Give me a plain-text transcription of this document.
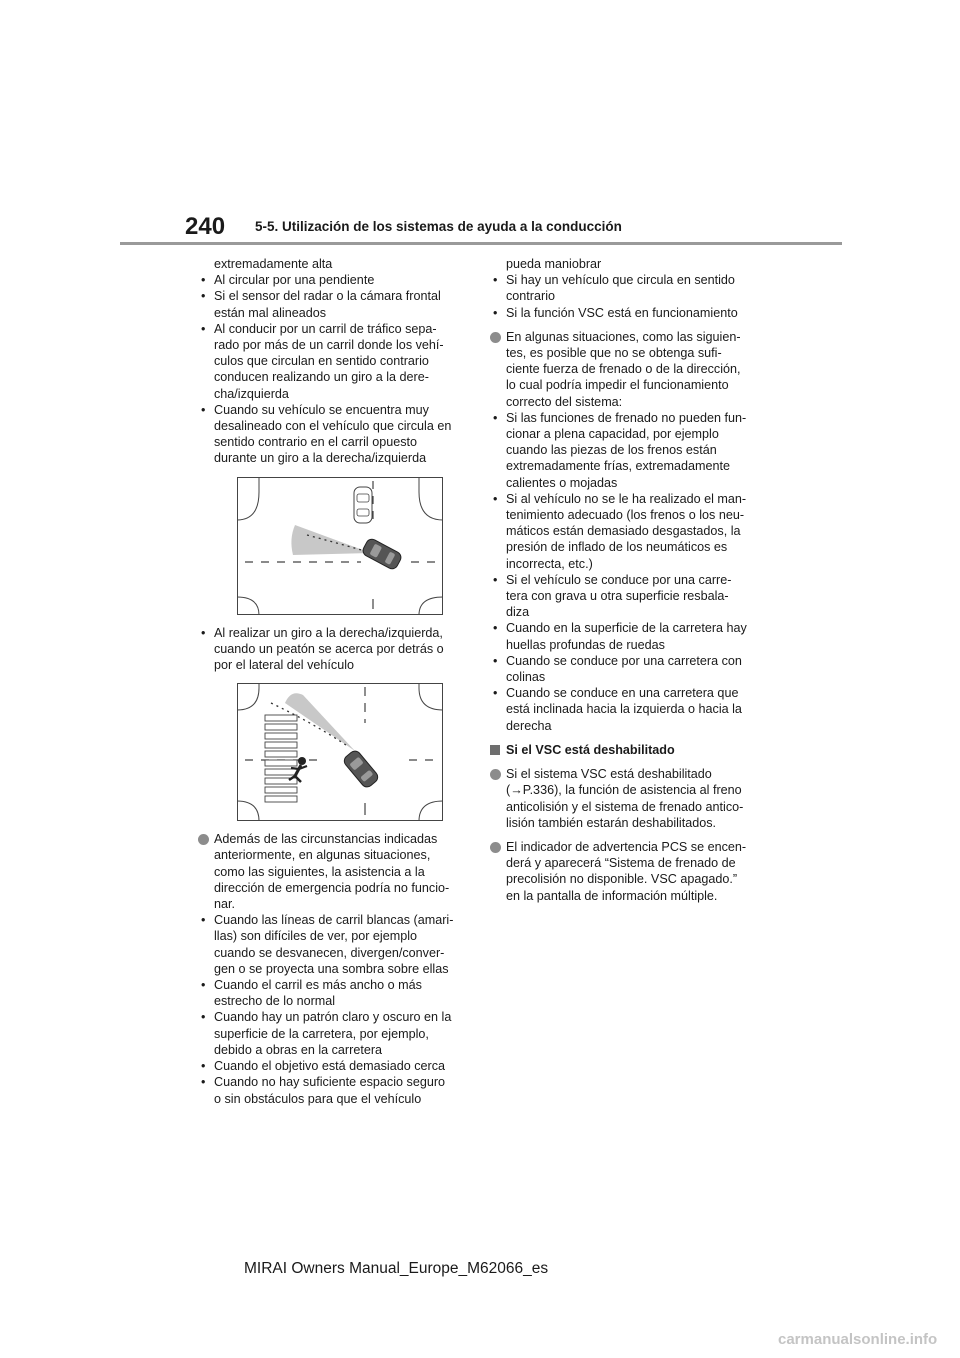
240 5-5. Utilización de los sistemas de ayuda a la conducción
extremadamente alta
• Al circular por una pendiente
• Si el sensor del radar o la cámara frontal
están mal alineados
• Al conducir por un carril de tráfico sepa-
rado por más de un carril donde los vehí-
culos que circulan en sentido contrario
conducen realizando un giro a la dere-
cha/izquierda
• Cuando su vehículo se encuentra muy
desalineado con el vehículo que circula en
sentido contrario en el carril opuesto
durante un giro a la derecha/izquierda
• Al realizar un giro a la derecha/izquierda,
cuando un peatón se acerca por detrás o
por el lateral del vehículo
Además de las circunstancias indicadas
anteriormente, en algunas situaciones,
como las siguientes, la asistencia a la
dirección de emergencia podría no funcio-
nar.
• Cuando las líneas de carril blancas (amari-
llas) son difíciles de ver, por ejemplo
cuando se desvanecen, divergen/conver-
gen o se proyecta una sombra sobre ellas
• Cuando el carril es más ancho o más
estrecho de lo normal
• Cuando hay un patrón claro y oscuro en la
superficie de la carretera, por ejemplo,
debido a obras en la carretera
• Cuando el objetivo está demasiado cerca
• Cuando no hay suficiente espacio seguro
o sin obstáculos para que el vehículo
pueda maniobrar
• Si hay un vehículo que circula en sentido
contrario
• Si la función VSC está en funcionamiento
En algunas situaciones, como las siguien-
tes, es posible que no se obtenga sufi-
ciente fuerza de frenado o de la dirección,
lo cual podría impedir el funcionamiento
correcto del sistema:
• Si las funciones de frenado no pueden fun-
cionar a plena capacidad, por ejemplo
cuando las piezas de los frenos están
extremadamente frías, extremadamente
calientes o mojadas
• Si al vehículo no se le ha realizado el man-
tenimiento adecuado (los frenos o los neu-
máticos están demasiado desgastados, la
presión de inflado de los neumáticos es
incorrecta, etc.)
• Si el vehículo se conduce por una carre-
tera con grava u otra superficie resbala-
diza
• Cuando en la superficie de la carretera hay
huellas profundas de ruedas
• Cuando se conduce por una carretera con
colinas
• Cuando se conduce en una carretera que
está inclinada hacia la izquierda o hacia la
derecha
Si el VSC está deshabilitado
Si el sistema VSC está deshabilitado
(→P.336), la función de asistencia al freno
anticolisión y el sistema de frenado antico-
lisión también estarán deshabilitados.
El indicador de advertencia PCS se encen-
derá y aparecerá “Sistema de frenado de
precolisión no disponible. VSC apagado.”
en la pantalla de información múltiple.
MIRAI Owners Manual_Europe_M62066_es
carmanualsonline.info
